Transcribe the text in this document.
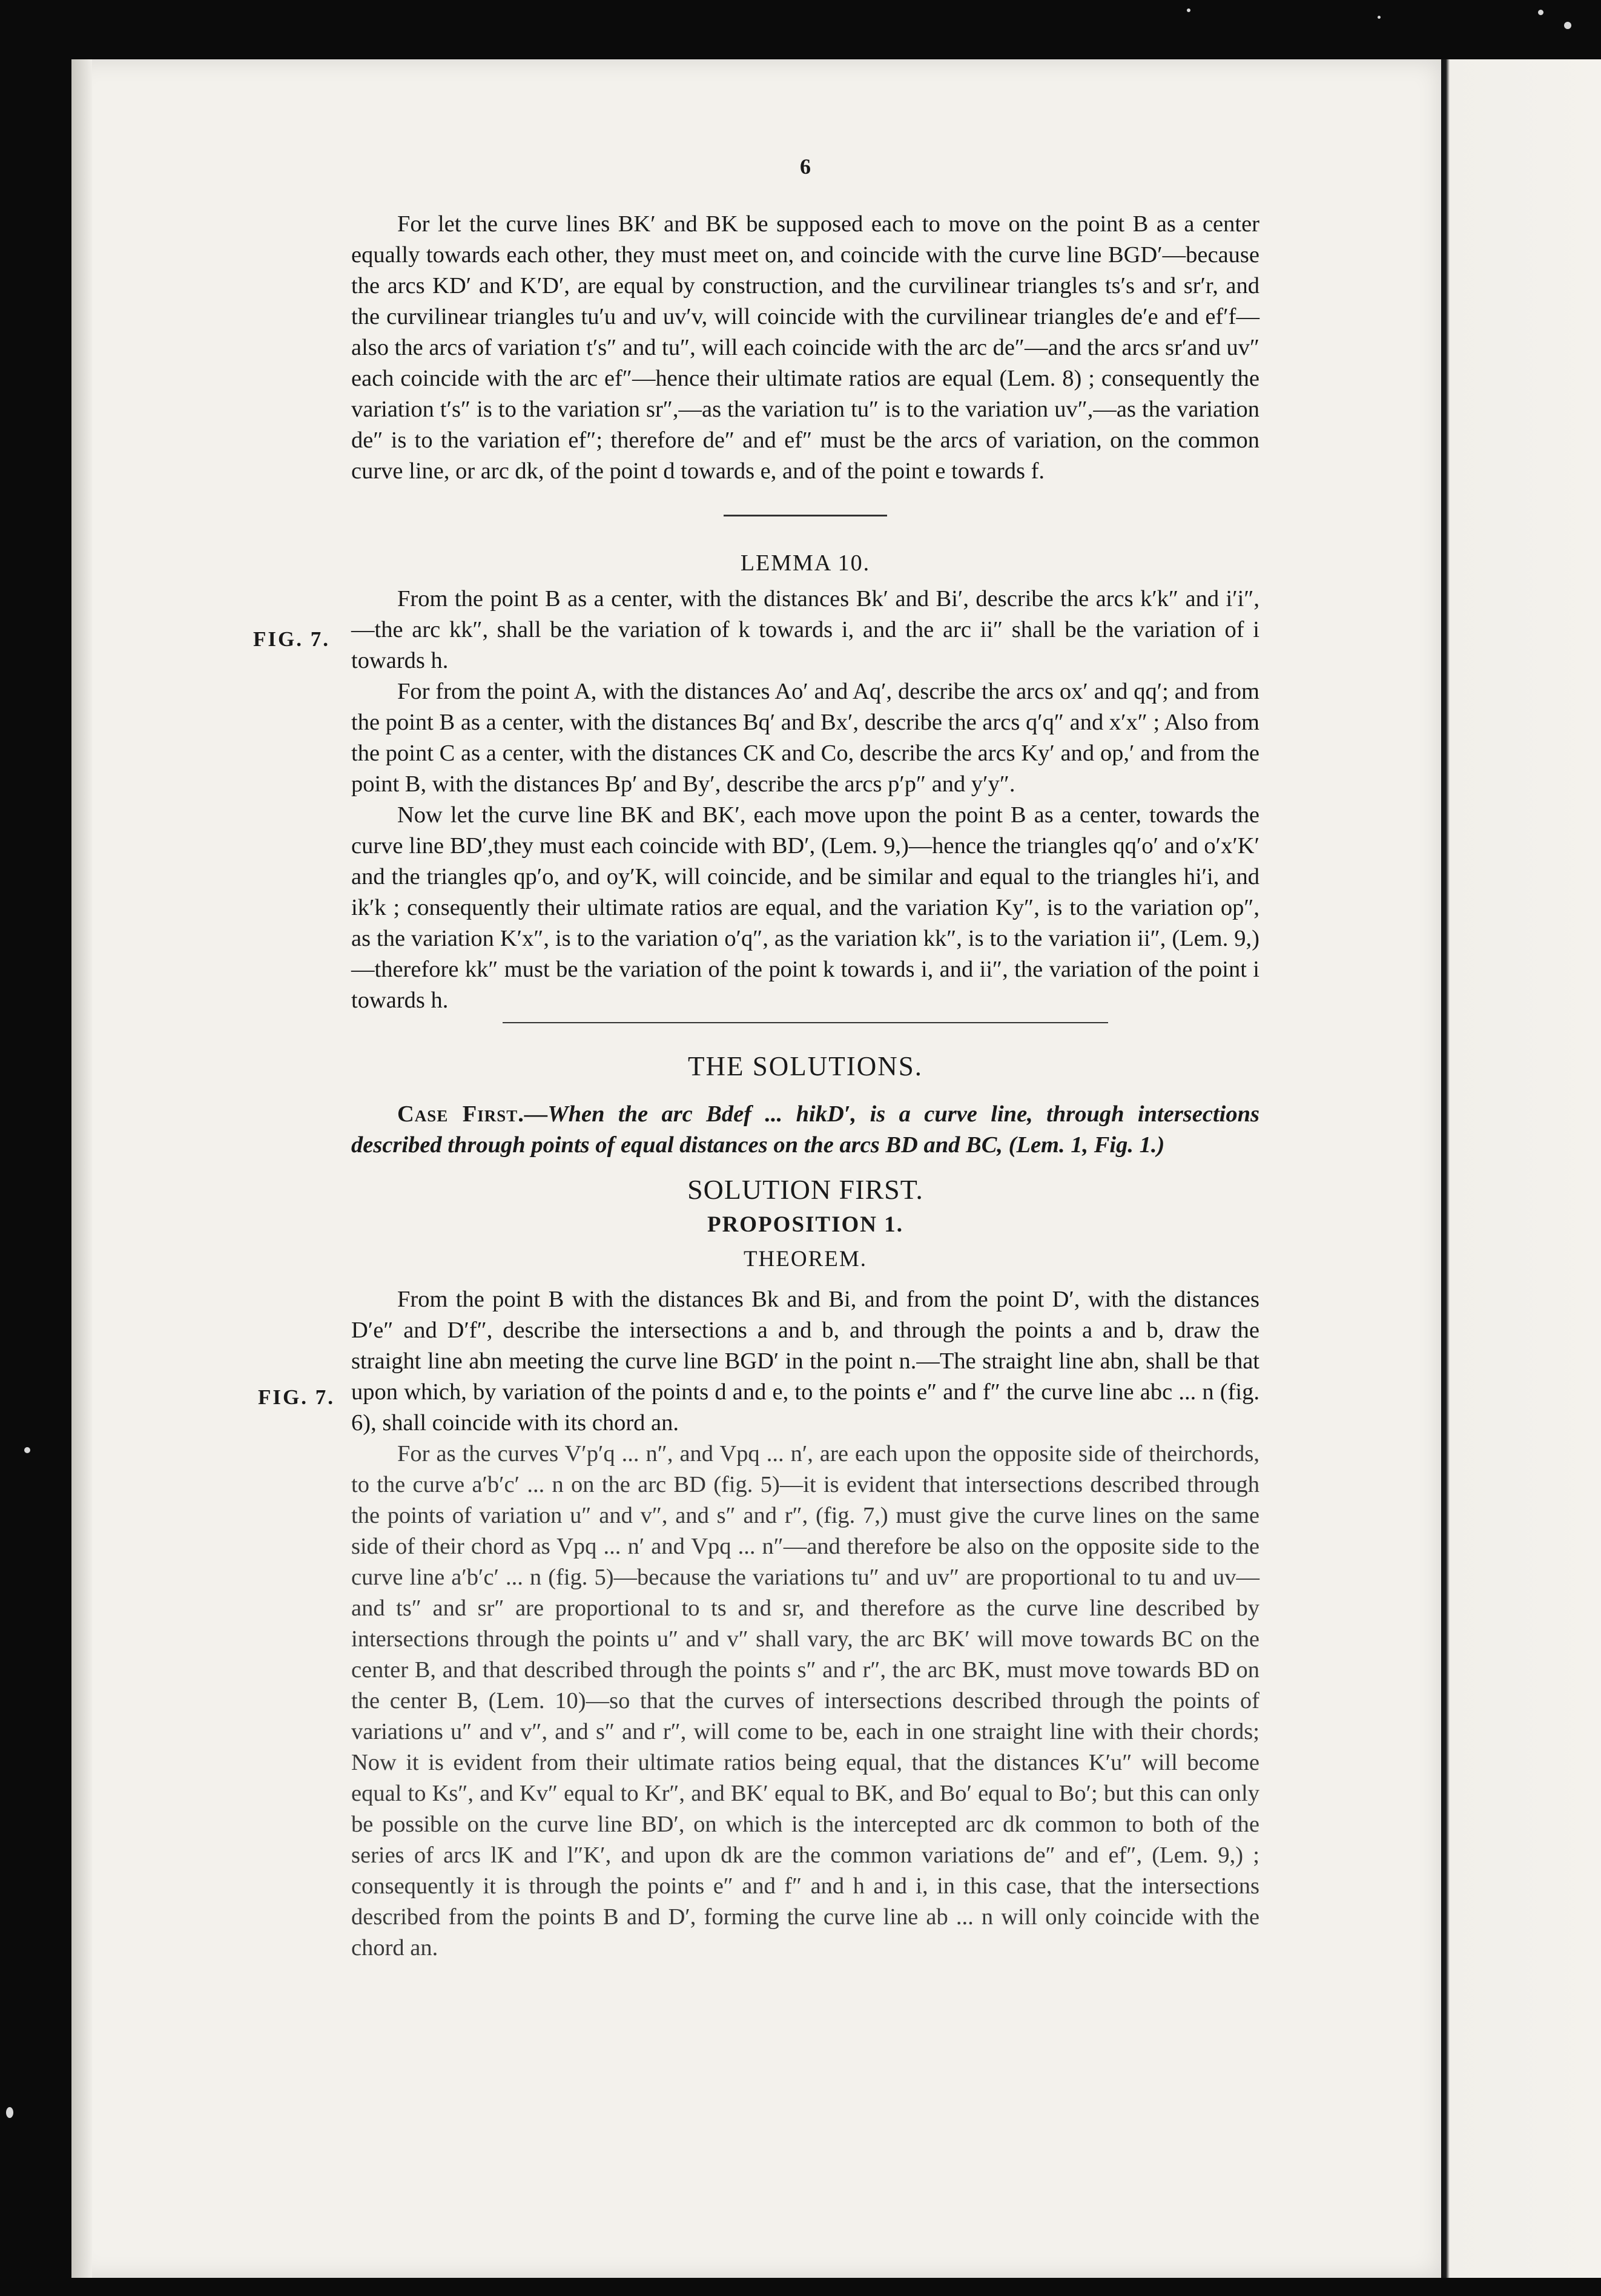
6

For let the curve lines BK′ and BK be supposed each to move on the point B as a center equally towards each other, they must meet on, and coincide with the curve line BGD′—because the arcs KD′ and K′D′, are equal by construction, and the curvilinear triangles ts′s and sr′r, and the curvilinear triangles tu′u and uv′v, will coincide with the curvilinear triangles de′e and ef′f—also the arcs of variation t′s″ and tu″, will each coincide with the arc de″—and the arcs sr′and uv″ each coincide with the arc ef″—hence their ultimate ratios are equal (Lem. 8) ; consequently the variation t′s″ is to the variation sr″,—as the variation tu″ is to the variation uv″,—as the variation de″ is to the variation ef″; therefore de″ and ef″ must be the arcs of variation, on the common curve line, or arc dk, of the point d towards e, and of the point e towards f.

LEMMA 10.

From the point B as a center, with the distances Bk′ and Bi′, describe the arcs k′k″ and i′i″,—the arc kk″, shall be the variation of k towards i, and the arc ii″ shall be the variation of i towards h.

For from the point A, with the distances Ao′ and Aq′, describe the arcs ox′ and qq′; and from the point B as a center, with the distances Bq′ and Bx′, describe the arcs q′q″ and x′x″ ; Also from the point C as a center, with the distances CK and Co, describe the arcs Ky′ and op,′ and from the point B, with the distances Bp′ and By′, describe the arcs p′p″ and y′y″.

Now let the curve line BK and BK′, each move upon the point B as a center, towards the curve line BD′,they must each coincide with BD′, (Lem. 9,)—hence the triangles qq′o′ and o′x′K′ and the triangles qp′o, and oy′K, will coincide, and be similar and equal to the triangles hi′i, and ik′k ; consequently their ultimate ratios are equal, and the variation Ky″, is to the variation op″, as the variation K′x″, is to the variation o′q″, as the variation kk″, is to the variation ii″, (Lem. 9,)—therefore kk″ must be the variation of the point k towards i, and ii″, the variation of the point i towards h.

THE SOLUTIONS.

Case First.—When the arc Bdef ... hikD′, is a curve line, through intersections described through points of equal distances on the arcs BD and BC, (Lem. 1, Fig. 1.)

SOLUTION FIRST.
PROPOSITION 1.
THEOREM.

From the point B with the distances Bk and Bi, and from the point D′, with the distances D′e″ and D′f″, describe the intersections a and b, and through the points a and b, draw the straight line abn meeting the curve line BGD′ in the point n.—The straight line abn, shall be that upon which, by variation of the points d and e, to the points e″ and f″ the curve line abc ... n (fig. 6), shall coincide with its chord an.

For as the curves V′p′q ... n″, and Vpq ... n′, are each upon the opposite side of theirchords, to the curve a′b′c′ ... n on the arc BD (fig. 5)—it is evident that intersections described through the points of variation u″ and v″, and s″ and r″, (fig. 7,) must give the curve lines on the same side of their chord as Vpq ... n′ and Vpq ... n″—and therefore be also on the opposite side to the curve line a′b′c′ ... n (fig. 5)—because the variations tu″ and uv″ are proportional to tu and uv—and ts″ and sr″ are proportional to ts and sr, and therefore as the curve line described by intersections through the points u″ and v″ shall vary, the arc BK′ will move towards BC on the center B, and that described through the points s″ and r″, the arc BK, must move towards BD on the center B, (Lem. 10)—so that the curves of intersections described through the points of variations u″ and v″, and s″ and r″, will come to be, each in one straight line with their chords; Now it is evident from their ultimate ratios being equal, that the distances K′u″ will become equal to Ks″, and Kv″ equal to Kr″, and BK′ equal to BK, and Bo′ equal to Bo′; but this can only be possible on the curve line BD′, on which is the intercepted arc dk common to both of the series of arcs lK and l″K′, and upon dk are the common variations de″ and ef″, (Lem. 9,) ; consequently it is through the points e″ and f″ and h and i, in this case, that the intersections described from the points B and D′, forming the curve line ab ... n will only coincide with the chord an.

FIG. 7.
FIG. 7.
